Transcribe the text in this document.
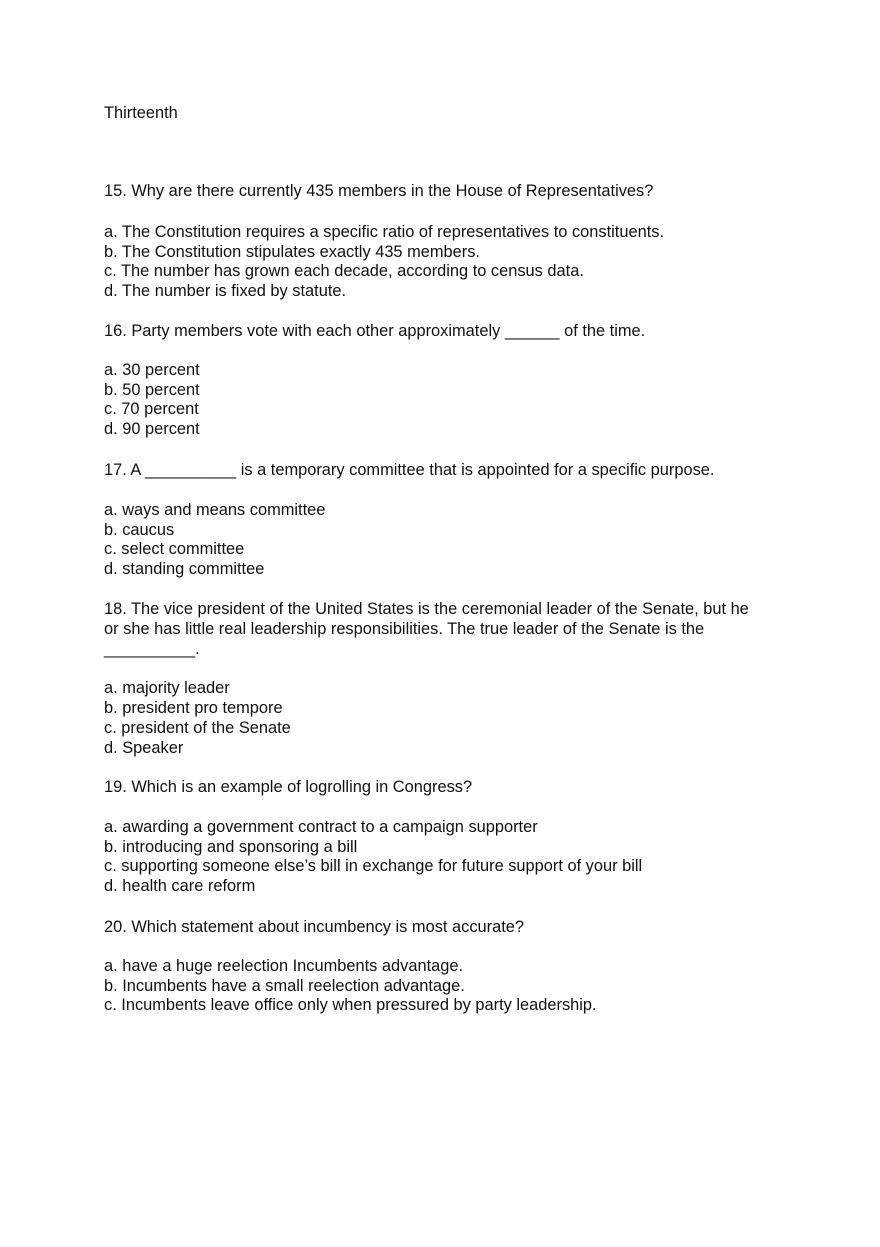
Thirteenth
15. Why are there currently 435 members in the House of Representatives?
a. The Constitution requires a specific ratio of representatives to constituents.
b. The Constitution stipulates exactly 435 members.
c. The number has grown each decade, according to census data.
d. The number is fixed by statute.
16. Party members vote with each other approximately ______ of the time.
a. 30 percent
b. 50 percent
c. 70 percent
d. 90 percent
17. A __________ is a temporary committee that is appointed for a specific purpose.
a. ways and means committee
b. caucus
c. select committee
d. standing committee
18. The vice president of the United States is the ceremonial leader of the Senate, but he or she has little real leadership responsibilities. The true leader of the Senate is the __________.
a. majority leader
b. president pro tempore
c. president of the Senate
d. Speaker
19. Which is an example of logrolling in Congress?
a. awarding a government contract to a campaign supporter
b. introducing and sponsoring a bill
c. supporting someone else’s bill in exchange for future support of your bill
d. health care reform
20. Which statement about incumbency is most accurate?
a. have a huge reelection Incumbents advantage.
b. Incumbents have a small reelection advantage.
c. Incumbents leave office only when pressured by party leadership.
